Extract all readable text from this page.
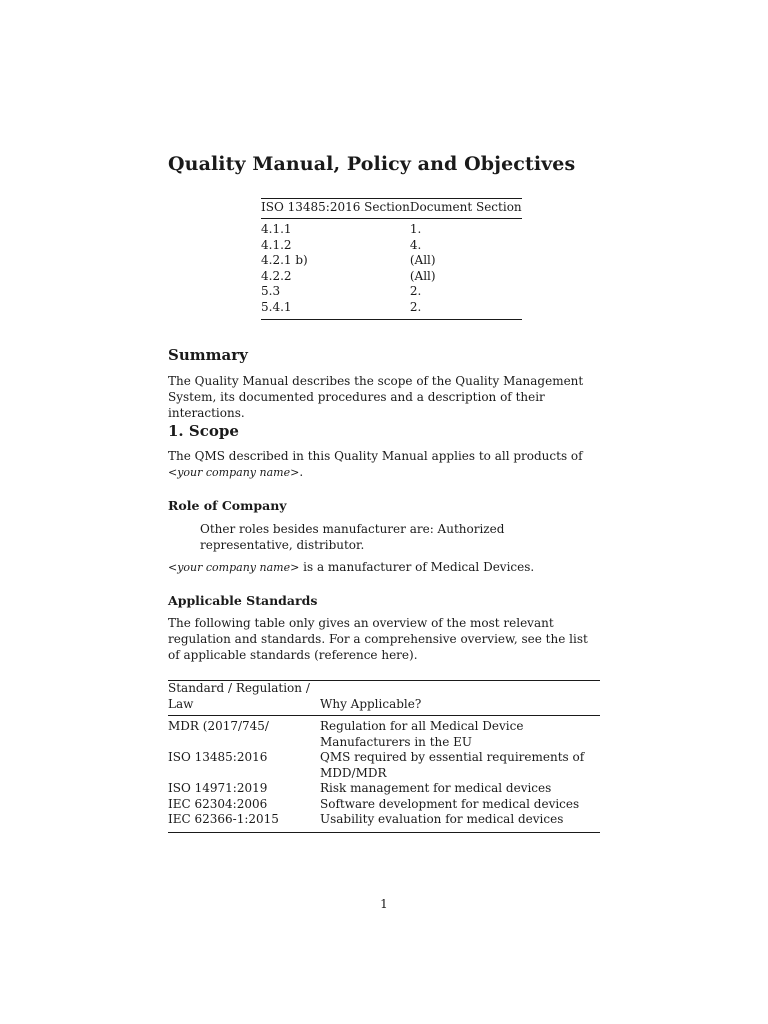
Quality Manual, Policy and Objectives
ISO 13485:2016 Section	Document Section
4.1.1	1.
4.1.2	4.
4.2.1 b)	(All)
4.2.2	(All)
5.3	2.
5.4.1	2.
Summary

The Quality Manual describes the scope of the Quality Management System, its documented procedures and a description of their interactions.

1. Scope

The QMS described in this Quality Manual applies to all products of <your company name>.

Role of Company

Other roles besides manufacturer are: Authorized representative, distributor.

<your company name> is a manufacturer of Medical Devices.

Applicable Standards

The following table only gives an overview of the most relevant regulation and standards. For a comprehensive overview, see the list of applicable standards (reference here).

Standard / Regulation / Law	Why Applicable?
MDR (2017/745/	Regulation for all Medical Device Manufacturers in the EU
ISO 13485:2016	QMS required by essential requirements of MDD/MDR
ISO 14971:2019	Risk management for medical devices
IEC 62304:2006	Software development for medical devices
IEC 62366-1:2015	Usability evaluation for medical devices
1
